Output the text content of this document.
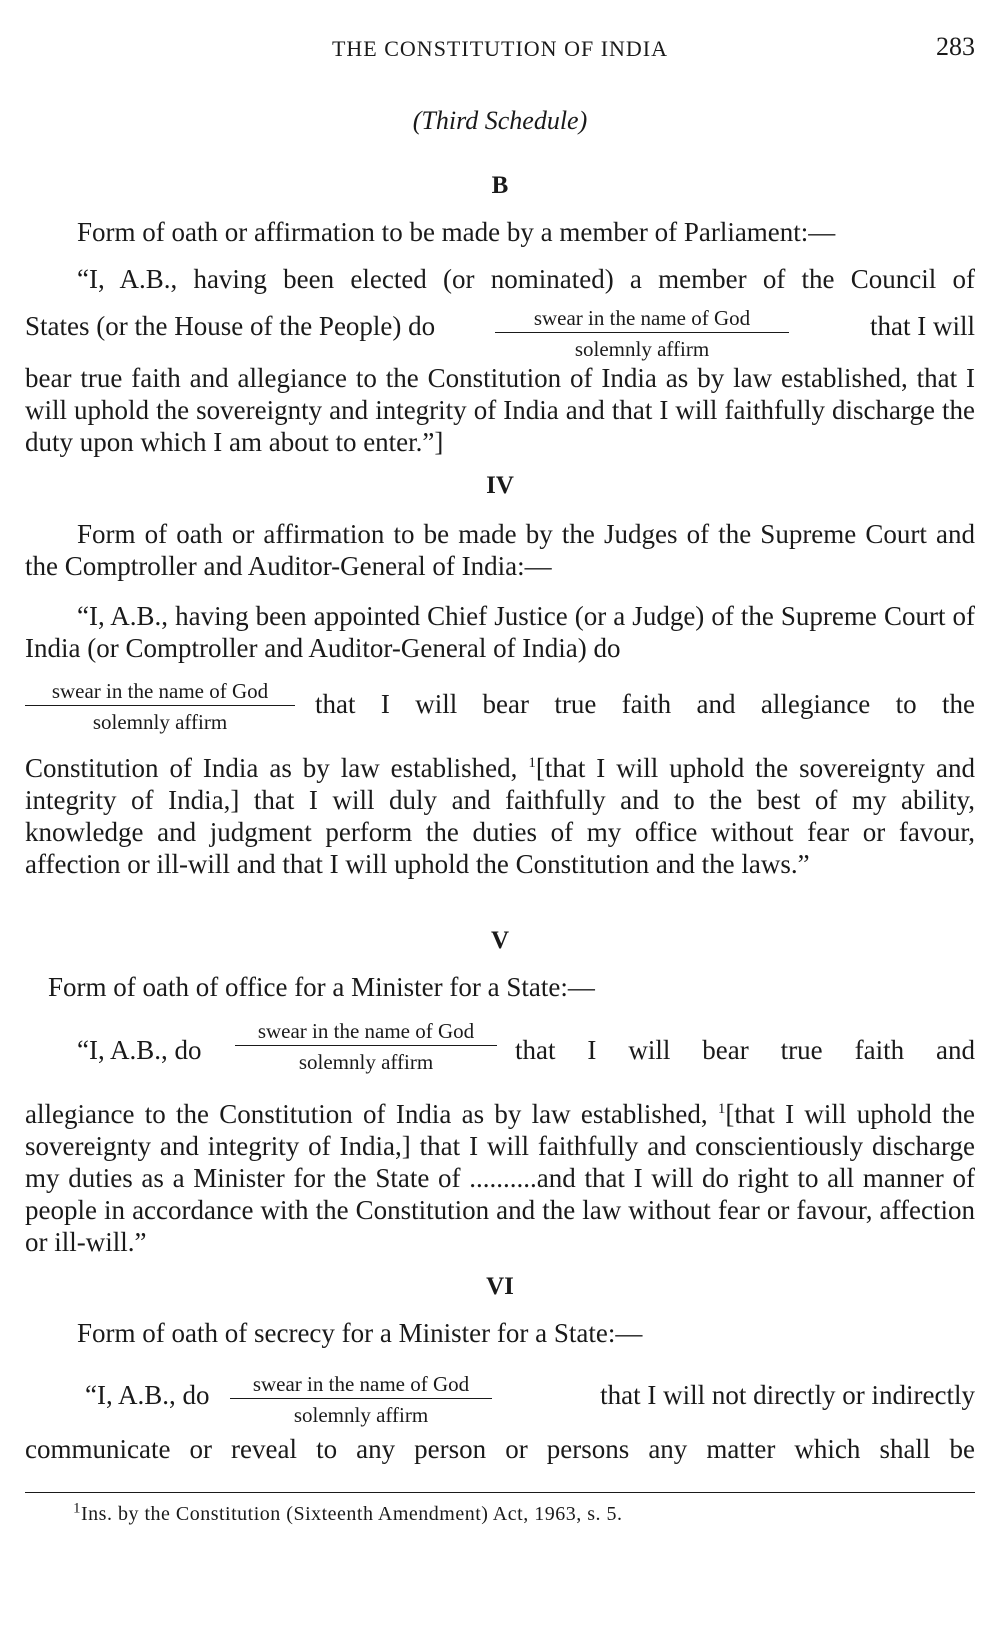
THE CONSTITUTION OF INDIA	283
(Third Schedule)
B
Form of oath or affirmation to be made by a member of Parliament:—
“I, A.B., having been elected (or nominated) a member of the Council of
States (or the House of the People) do	that I will
swear in the name of God
solemnly affirm

bear true faith and allegiance to the Constitution of India as by law established, that I will uphold the sovereignty and integrity of India and that I will faithfully discharge the duty upon which I am about to enter.”]

IV

Form of oath or affirmation to be made by the Judges of the Supreme Court and the Comptroller and Auditor-General of India:—

“I, A.B., having been appointed Chief Justice (or a Judge) of the Supreme Court of India (or Comptroller and Auditor-General of India) do

swear in the name of God
solemnly affirm
that I will bear true faith and allegiance to the

Constitution of India as by law established, $^1$[that I will uphold the sovereignty and integrity of India,] that I will duly and faithfully and to the best of my ability, knowledge and judgment perform the duties of my office without fear or favour, affection or ill-will and that I will uphold the Constitution and the laws.”

V
Form of oath of office for a Minister for a State:—
“I, A.B., do	that I will bear true faith and
swear in the name of God
solemnly affirm

allegiance to the Constitution of India as by law established, $^1$[that I will uphold the sovereignty and integrity of India,] that I will faithfully and conscientiously discharge my duties as a Minister for the State of ..........and that I will do right to all manner of people in accordance with the Constitution and the law without fear or favour, affection or ill-will.”

VI
Form of oath of secrecy for a Minister for a State:—
“I, A.B., do	that I will not directly or indirectly
swear in the name of God
solemnly affirm
communicate or reveal to any person or persons any matter which shall be
$^1$Ins. by the Constitution (Sixteenth Amendment) Act, 1963, s. 5.
